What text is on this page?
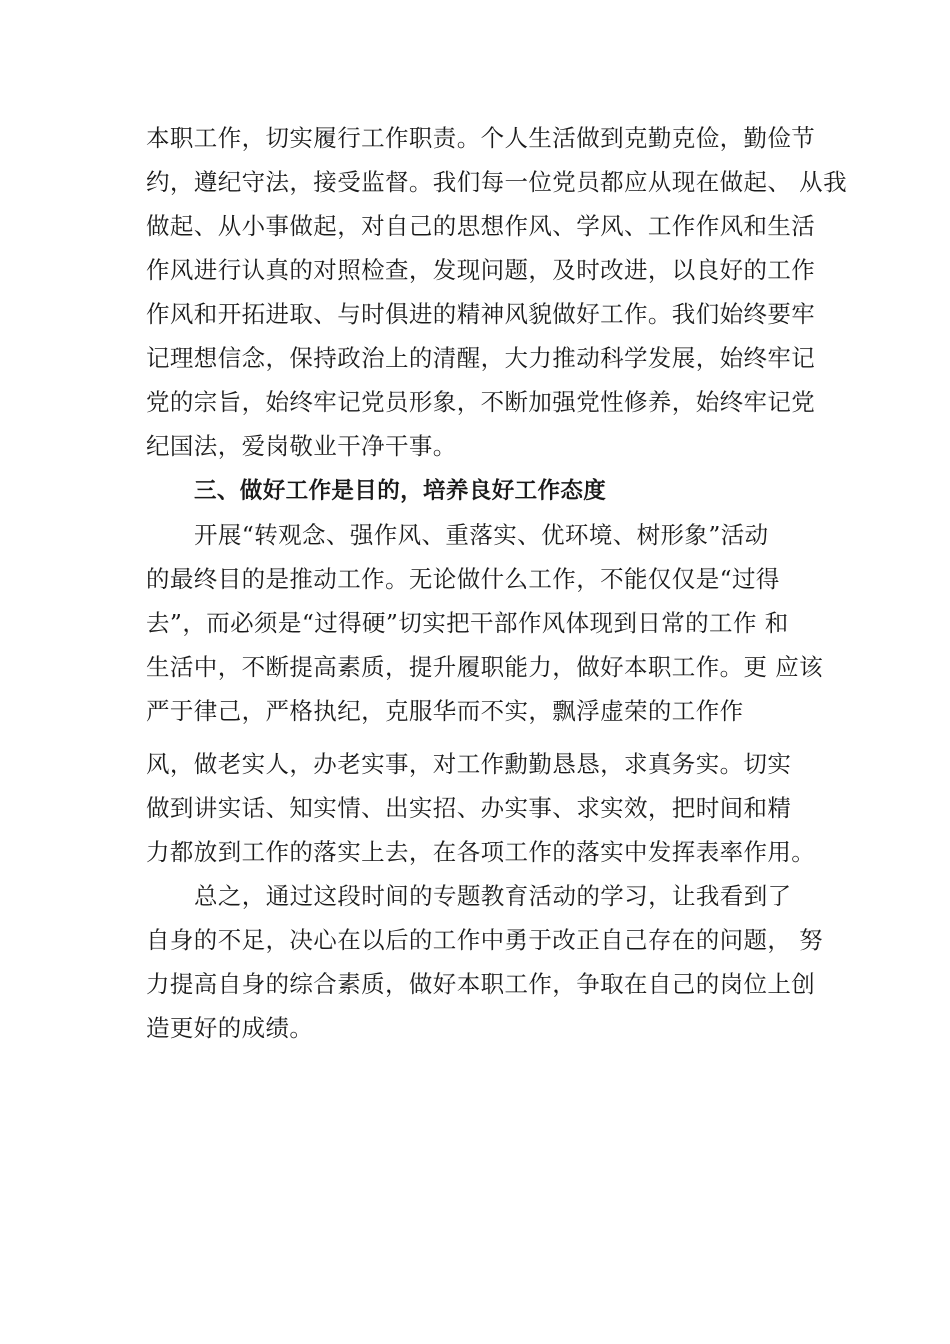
本职工作，切实履行工作职责。个人生活做到克勤克俭，勤俭节
约，遵纪守法，接受监督。我们每一位党员都应从现在做起、 从我
做起、从小事做起，对自己的思想作风、学风、工作作风和生活
作风进行认真的对照检查，发现问题，及时改进，以良好的工作
作风和开拓进取、与时俱进的精神风貌做好工作。我们始终要牢
记理想信念，保持政治上的清醒，大力推动科学发展，始终牢记
党的宗旨，始终牢记党员形象，不断加强党性修养，始终牢记党
纪国法，爱岗敬业干净干事。
三、做好工作是目的，培养良好工作态度
开展“转观念、强作风、重落实、优环境、树形象”活动
的最终目的是推动工作。无论做什么工作，不能仅仅是“过得
去”，而必须是“过得硬”切实把干部作风体现到日常的工作 和
生活中，不断提高素质，提升履职能力，做好本职工作。更 应该
严于律己，严格执纪，克服华而不实，飘浮虚荣的工作作
风，做老实人，办老实事，对工作勳勤恳恳，求真务实。切实
做到讲实话、知实情、出实招、办实事、求实效，把时间和精
力都放到工作的落实上去，在各项工作的落实中发挥表率作用。
总之，通过这段时间的专题教育活动的学习，让我看到了
自身的不足，决心在以后的工作中勇于改正自己存在的问题， 努
力提高自身的综合素质，做好本职工作，争取在自己的岗位上创
造更好的成绩。
